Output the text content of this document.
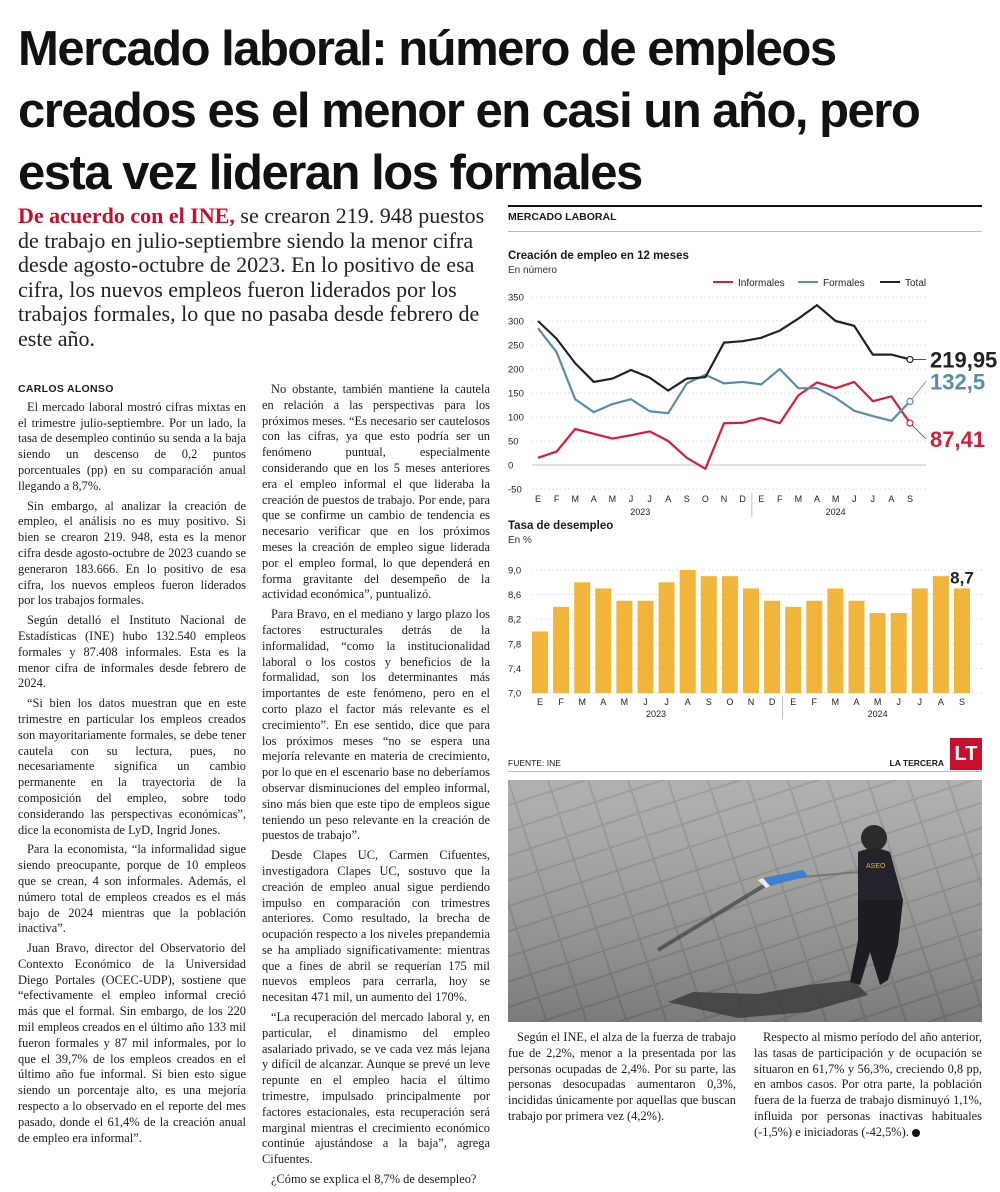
Mercado laboral: número de empleos creados es el menor en casi un año, pero esta vez lideran los formales
De acuerdo con el INE, se crearon 219. 948 puestos de trabajo en julio-septiembre siendo la menor cifra desde agosto-octubre de 2023. En lo positivo de esa cifra, los nuevos empleos fueron liderados por los trabajos formales, lo que no pasaba desde febrero de este año.

CARLOS ALONSO

El mercado laboral mostró cifras mixtas en el trimestre julio-septiembre. Por un lado, la tasa de desempleo continúo su senda a la baja siendo un descenso de 0,2 puntos porcentuales (pp) en su comparación anual llegando a 8,7%.

Sin embargo, al analizar la creación de empleo, el análisis no es muy positivo. Si bien se crearon 219. 948, esta es la menor cifra desde agosto-octubre de 2023 cuando se generaron 183.666. En lo positivo de esa cifra, los nuevos empleos fueron liderados por los trabajos formales.

Según detalló el Instituto Nacional de Estadísticas (INE) hubo 132.540 empleos formales y 87.408 informales. Esta es la menor cifra de informales desde febrero de 2024.

“Si bien los datos muestran que en este trimestre en particular los empleos creados son mayoritariamente formales, se debe tener cautela con su lectura, pues, no necesariamente significa un cambio permanente en la trayectoria de la composición del empleo, sobre todo considerando las perspectivas económicas”, dice la economista de LyD, Ingrid Jones.

Para la economista, “la informalidad sigue siendo preocupante, porque de 10 empleos que se crean, 4 son informales. Además, el número total de empleos creados es el más bajo de 2024 mientras que la población inactiva”.

Juan Bravo, director del Observatorio del Contexto Económico de la Universidad Diego Portales (OCEC-UDP), sostiene que “efectivamente el empleo informal creció más que el formal. Sin embargo, de los 220 mil empleos creados en el último año 133 mil fueron formales y 87 mil informales, por lo que el 39,7% de los empleos creados en el último año fue informal. Si bien esto sigue siendo un porcentaje alto, es una mejoría respecto a lo observado en el reporte del mes pasado, donde el 61,4% de la creación anual de empleo era informal”.

No obstante, también mantiene la cautela en relación a las perspectivas para los próximos meses. “Es necesario ser cautelosos con las cifras, ya que esto podría ser un fenómeno puntual, especialmente considerando que en los 5 meses anteriores era el empleo informal el que lideraba la creación de puestos de trabajo. Por ende, para que se confirme un cambio de tendencia es necesario verificar que en los próximos meses la creación de empleo sigue liderada por el empleo formal, lo que dependerá en forma gravitante del desempeño de la actividad económica”, puntualizó.

Para Bravo, en el mediano y largo plazo los factores estructurales detrás de la informalidad, “como la institucionalidad laboral o los costos y beneficios de la formalidad, son los determinantes más importantes de este fenómeno, pero en el corto plazo el factor más relevante es el crecimiento”. En ese sentido, dice que para los próximos meses “no se espera una mejoría relevante en materia de crecimiento, por lo que en el escenario base no deberíamos observar disminuciones del empleo informal, sino más bien que este tipo de empleos sigue teniendo un peso relevante en la creación de puestos de trabajo”.

Desde Clapes UC, Carmen Cifuentes, investigadora Clapes UC, sostuvo que la creación de empleo anual sigue perdiendo impulso en comparación con trimestres anteriores. Como resultado, la brecha de ocupación respecto a los niveles prepandemia se ha ampliado significativamente: mientras que a fines de abril se requerían 175 mil nuevos empleos para cerrarla, hoy se necesitan 471 mil, un aumento del 170%.

“La recuperación del mercado laboral y, en particular, el dinamismo del empleo asalariado privado, se ve cada vez más lejana y difícil de alcanzar. Aunque se prevé un leve repunte en el empleo hacia el último trimestre, impulsado principalmente por factores estacionales, esta recuperación será marginal mientras el crecimiento económico continúe ajustándose a la baja”, agrega Cifuentes.

¿Cómo se explica el 8,7% de desempleo?

MERCADO LABORAL
Creación de empleo en 12 meses
En número
Informales	Formales	Total
350
300
250
200
150
100
50
0
-50
E F M A M J J A S O N D E F M A M J J A S
2023	2024
219,95
132,5
87,41
Tasa de desempleo
En %
9,0
8,6
8,2
7,8
7,4
7,0
E F M A M J J A S O N D E F M A M J J A S
2023	2024
8,7
FUENTE: INE	LA TERCERA LT
ASEO

Según el INE, el alza de la fuerza de trabajo fue de 2,2%, menor a la presentada por las personas ocupadas de 2,4%. Por su parte, las personas desocupadas aumentaron 0,3%, incididas únicamente por aquellas que buscan trabajo por primera vez (4,2%).

Respecto al mismo período del año anterior, las tasas de participación y de ocupación se situaron en 61,7% y 56,3%, creciendo 0,8 pp, en ambos casos. Por otra parte, la población fuera de la fuerza de trabajo disminuyó 1,1%, influida por personas inactivas habituales (-1,5%) e iniciadoras (-42,5%).
